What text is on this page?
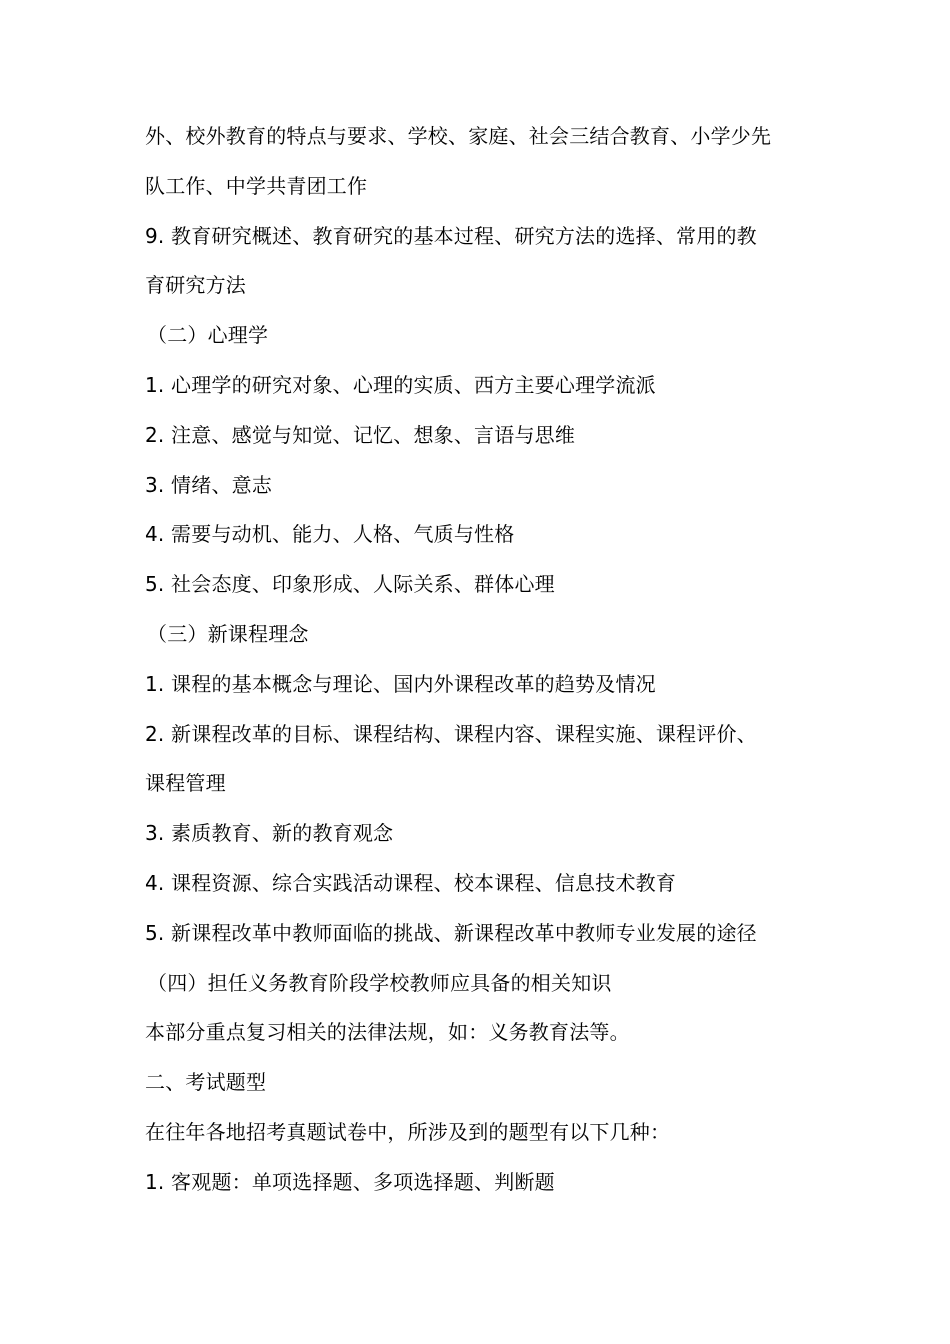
外、校外教育的特点与要求、学校、家庭、社会三结合教育、小学少先
队工作、中学共青团工作
9. 教育研究概述、教育研究的基本过程、研究方法的选择、常用的教
育研究方法
（二）心理学
1. 心理学的研究对象、心理的实质、西方主要心理学流派
2. 注意、感觉与知觉、记忆、想象、言语与思维
3. 情绪、意志
4. 需要与动机、能力、人格、气质与性格
5. 社会态度、印象形成、人际关系、群体心理
（三）新课程理念
1. 课程的基本概念与理论、国内外课程改革的趋势及情况
2. 新课程改革的目标、课程结构、课程内容、课程实施、课程评价、
课程管理
3. 素质教育、新的教育观念
4. 课程资源、综合实践活动课程、校本课程、信息技术教育
5. 新课程改革中教师面临的挑战、新课程改革中教师专业发展的途径
（四）担任义务教育阶段学校教师应具备的相关知识
本部分重点复习相关的法律法规，如：义务教育法等。
二、考试题型
在往年各地招考真题试卷中，所涉及到的题型有以下几种：
1. 客观题：单项选择题、多项选择题、判断题
